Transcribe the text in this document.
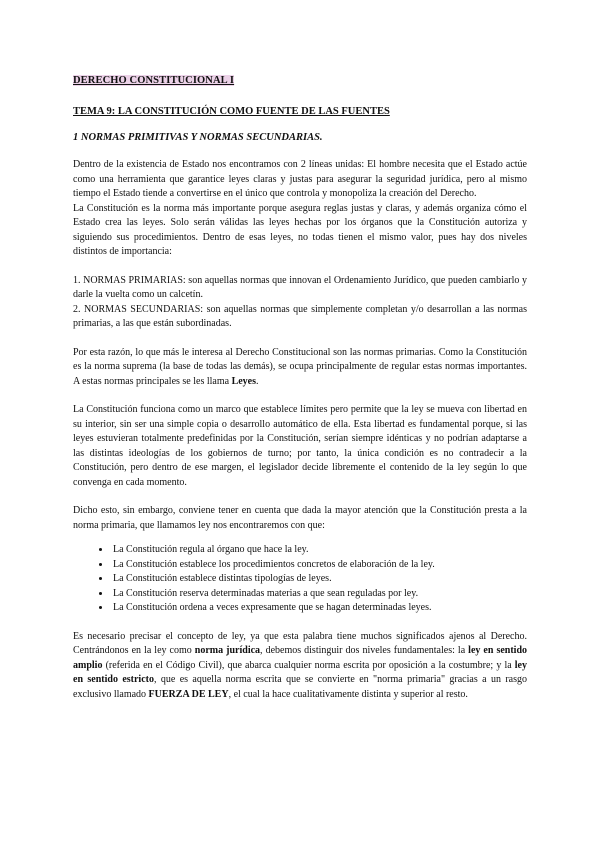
DERECHO CONSTITUCIONAL I
TEMA 9: LA CONSTITUCIÓN COMO FUENTE DE LAS FUENTES
1 NORMAS PRIMITIVAS Y NORMAS SECUNDARIAS.

Dentro de la existencia de Estado nos encontramos con 2 líneas unidas: El hombre necesita que el Estado actúe como una herramienta que garantice leyes claras y justas para asegurar la seguridad jurídica, pero al mismo tiempo el Estado tiende a convertirse en el único que controla y monopoliza la creación del Derecho.

La Constitución es la norma más importante porque asegura reglas justas y claras, y además organiza cómo el Estado crea las leyes. Solo serán válidas las leyes hechas por los órganos que la Constitución autoriza y siguiendo sus procedimientos. Dentro de esas leyes, no todas tienen el mismo valor, pues hay dos niveles distintos de importancia:

1. NORMAS PRIMARIAS: son aquellas normas que innovan el Ordenamiento Jurídico, que pueden cambiarlo y darle la vuelta como un calcetín.

2. NORMAS SECUNDARIAS: son aquellas normas que simplemente completan y/o desarrollan a las normas primarias, a las que están subordinadas.

Por esta razón, lo que más le interesa al Derecho Constitucional son las normas primarias. Como la Constitución es la norma suprema (la base de todas las demás), se ocupa principalmente de regular estas normas importantes. A estas normas principales se les llama Leyes.

La Constitución funciona como un marco que establece límites pero permite que la ley se mueva con libertad en su interior, sin ser una simple copia o desarrollo automático de ella. Esta libertad es fundamental porque, si las leyes estuvieran totalmente predefinidas por la Constitución, serían siempre idénticas y no podrían adaptarse a las distintas ideologías de los gobiernos de turno; por tanto, la única condición es no contradecir a la Constitución, pero dentro de ese margen, el legislador decide libremente el contenido de la ley según lo que convenga en cada momento.

Dicho esto, sin embargo, conviene tener en cuenta que dada la mayor atención que la Constitución presta a la norma primaria, que llamamos ley nos encontraremos con que:

• La Constitución regula al órgano que hace la ley.
• La Constitución establece los procedimientos concretos de elaboración de la ley.
• La Constitución establece distintas tipologías de leyes.
• La Constitución reserva determinadas materias a que sean reguladas por ley.
• La Constitución ordena a veces expresamente que se hagan determinadas leyes.

Es necesario precisar el concepto de ley, ya que esta palabra tiene muchos significados ajenos al Derecho. Centrándonos en la ley como norma jurídica, debemos distinguir dos niveles fundamentales: la ley en sentido amplio (referida en el Código Civil), que abarca cualquier norma escrita por oposición a la costumbre; y la ley en sentido estricto, que es aquella norma escrita que se convierte en "norma primaria" gracias a un rasgo exclusivo llamado FUERZA DE LEY, el cual la hace cualitativamente distinta y superior al resto.
